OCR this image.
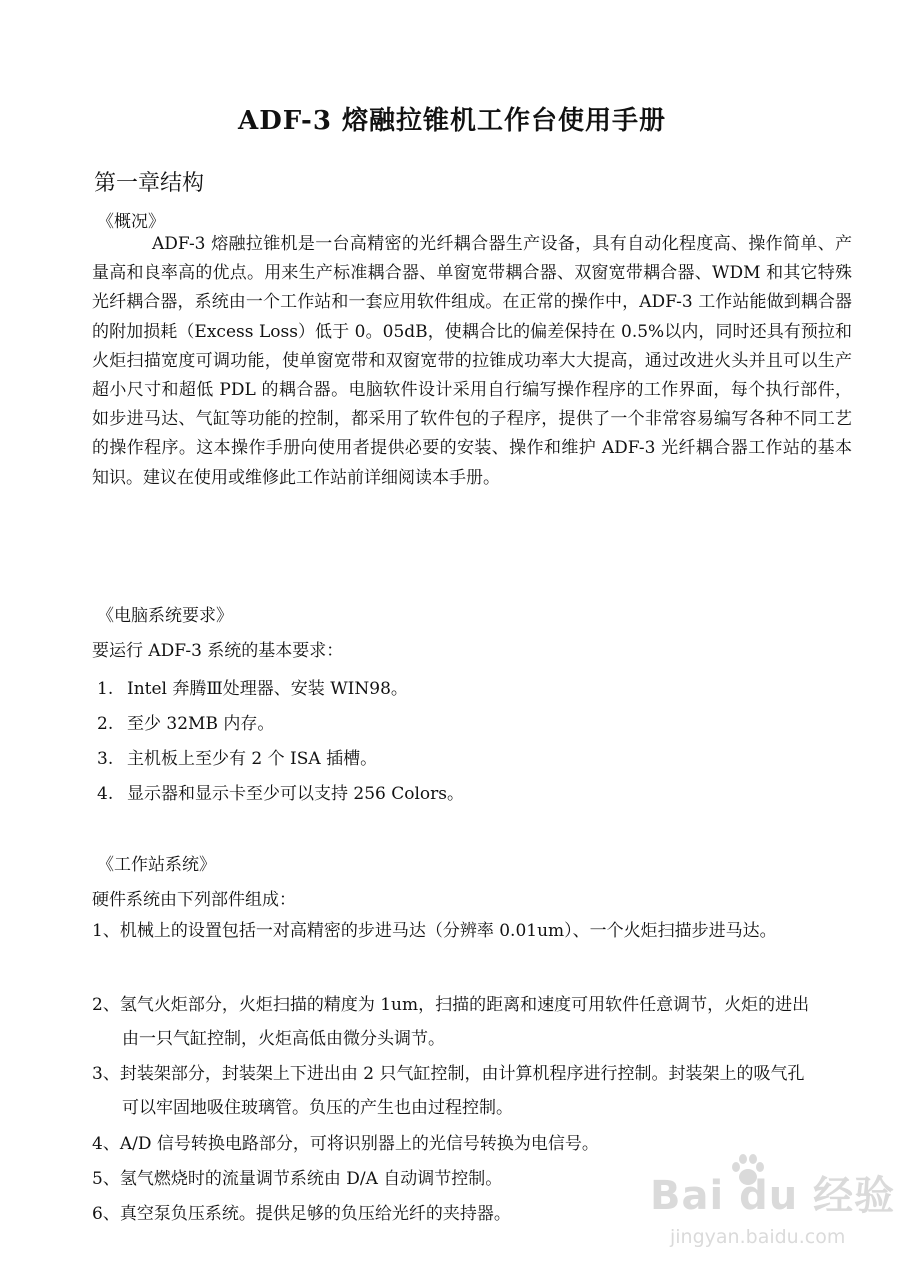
ADF-3 熔融拉锥机工作台使用手册
第一章结构
《概况》
ADF-3 熔融拉锥机是一台高精密的光纤耦合器生产设备，具有自动化程度高、操作简单、产量高和良率高的优点。用来生产标准耦合器、单窗宽带耦合器、双窗宽带耦合器、WDM 和其它特殊光纤耦合器，系统由一个工作站和一套应用软件组成。在正常的操作中，ADF-3 工作站能做到耦合器的附加损耗（Excess Loss）低于 0。05dB，使耦合比的偏差保持在 0.5%以内，同时还具有预拉和火炬扫描宽度可调功能，使单窗宽带和双窗宽带的拉锥成功率大大提高，通过改进火头并且可以生产超小尺寸和超低 PDL 的耦合器。电脑软件设计采用自行编写操作程序的工作界面，每个执行部件，如步进马达、气缸等功能的控制，都采用了软件包的子程序，提供了一个非常容易编写各种不同工艺的操作程序。这本操作手册向使用者提供必要的安装、操作和维护 ADF-3 光纤耦合器工作站的基本知识。建议在使用或维修此工作站前详细阅读本手册。
《电脑系统要求》
要运行 ADF-3 系统的基本要求：
1. Intel 奔腾Ⅲ处理器、安装 WIN98。
2. 至少 32MB 内存。
3. 主机板上至少有 2 个 ISA 插槽。
4. 显示器和显示卡至少可以支持 256 Colors。
《工作站系统》
硬件系统由下列部件组成：
1、机械上的设置包括一对高精密的步进马达（分辨率 0.01um）、一个火炬扫描步进马达。
2、氢气火炬部分，火炬扫描的精度为 1um，扫描的距离和速度可用软件任意调节，火炬的进出
由一只气缸控制，火炬高低由微分头调节。
3、封装架部分，封装架上下进出由 2 只气缸控制，由计算机程序进行控制。封装架上的吸气孔
可以牢固地吸住玻璃管。负压的产生也由过程控制。
4、A/D 信号转换电路部分，可将识别器上的光信号转换为电信号。
5、氢气燃烧时的流量调节系统由 D/A 自动调节控制。
6、真空泵负压系统。提供足够的负压给光纤的夹持器。	Bai du 经验
jingyan.baidu.com
